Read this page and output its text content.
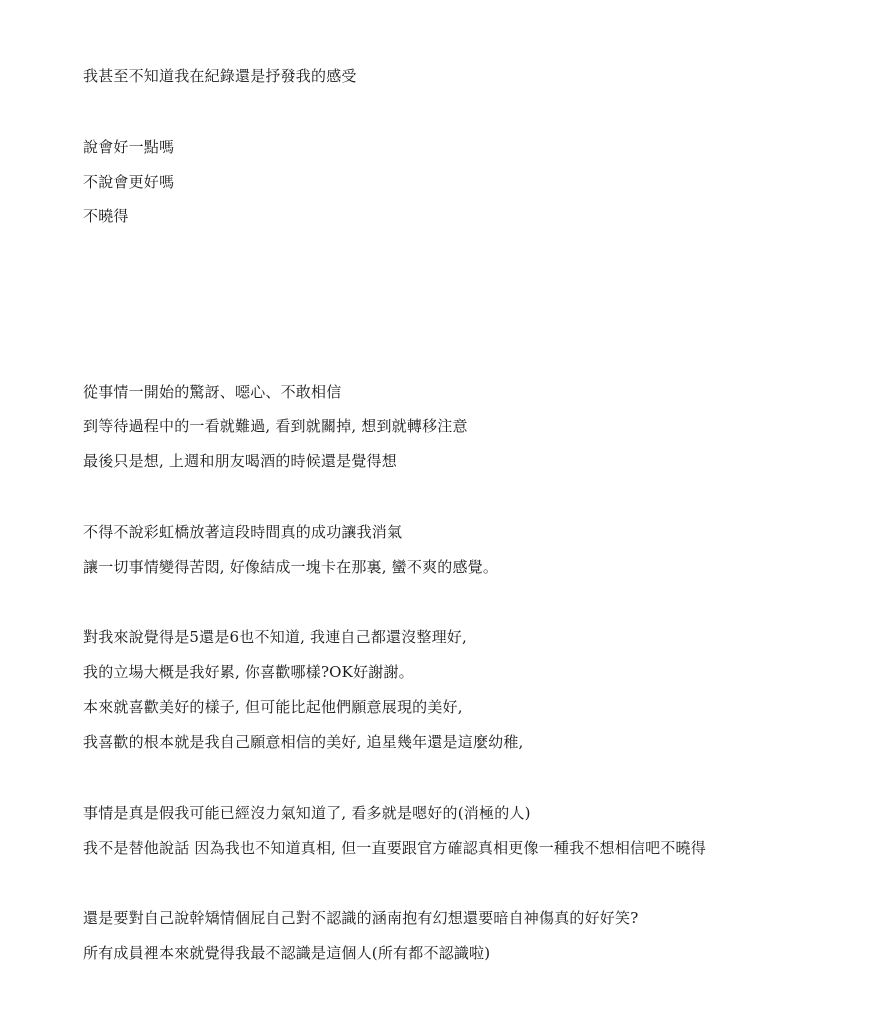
我甚至不知道我在紀錄還是抒發我的感受
說會好一點嗎
不說會更好嗎
不曉得
從事情一開始的驚訝、噁心、不敢相信
到等待過程中的一看就難過, 看到就關掉, 想到就轉移注意
最後只是想, 上週和朋友喝酒的時候還是覺得想
不得不說彩虹橋放著這段時間真的成功讓我消氣
讓一切事情變得苦悶, 好像結成一塊卡在那裏, 蠻不爽的感覺。
對我來說覺得是5還是6也不知道, 我連自己都還沒整理好,
我的立場大概是我好累, 你喜歡哪樣?OK好謝謝。
本來就喜歡美好的樣子, 但可能比起他們願意展現的美好,
我喜歡的根本就是我自己願意相信的美好, 追星幾年還是這麼幼稚,
事情是真是假我可能已經沒力氣知道了, 看多就是嗯好的(消極的人)
我不是替他說話 因為我也不知道真相, 但一直要跟官方確認真相更像一種我不想相信吧不曉得
還是要對自己說幹矯情個屁自己對不認識的涵南抱有幻想還要暗自神傷真的好好笑?
所有成員裡本來就覺得我最不認識是這個人(所有都不認識啦)
